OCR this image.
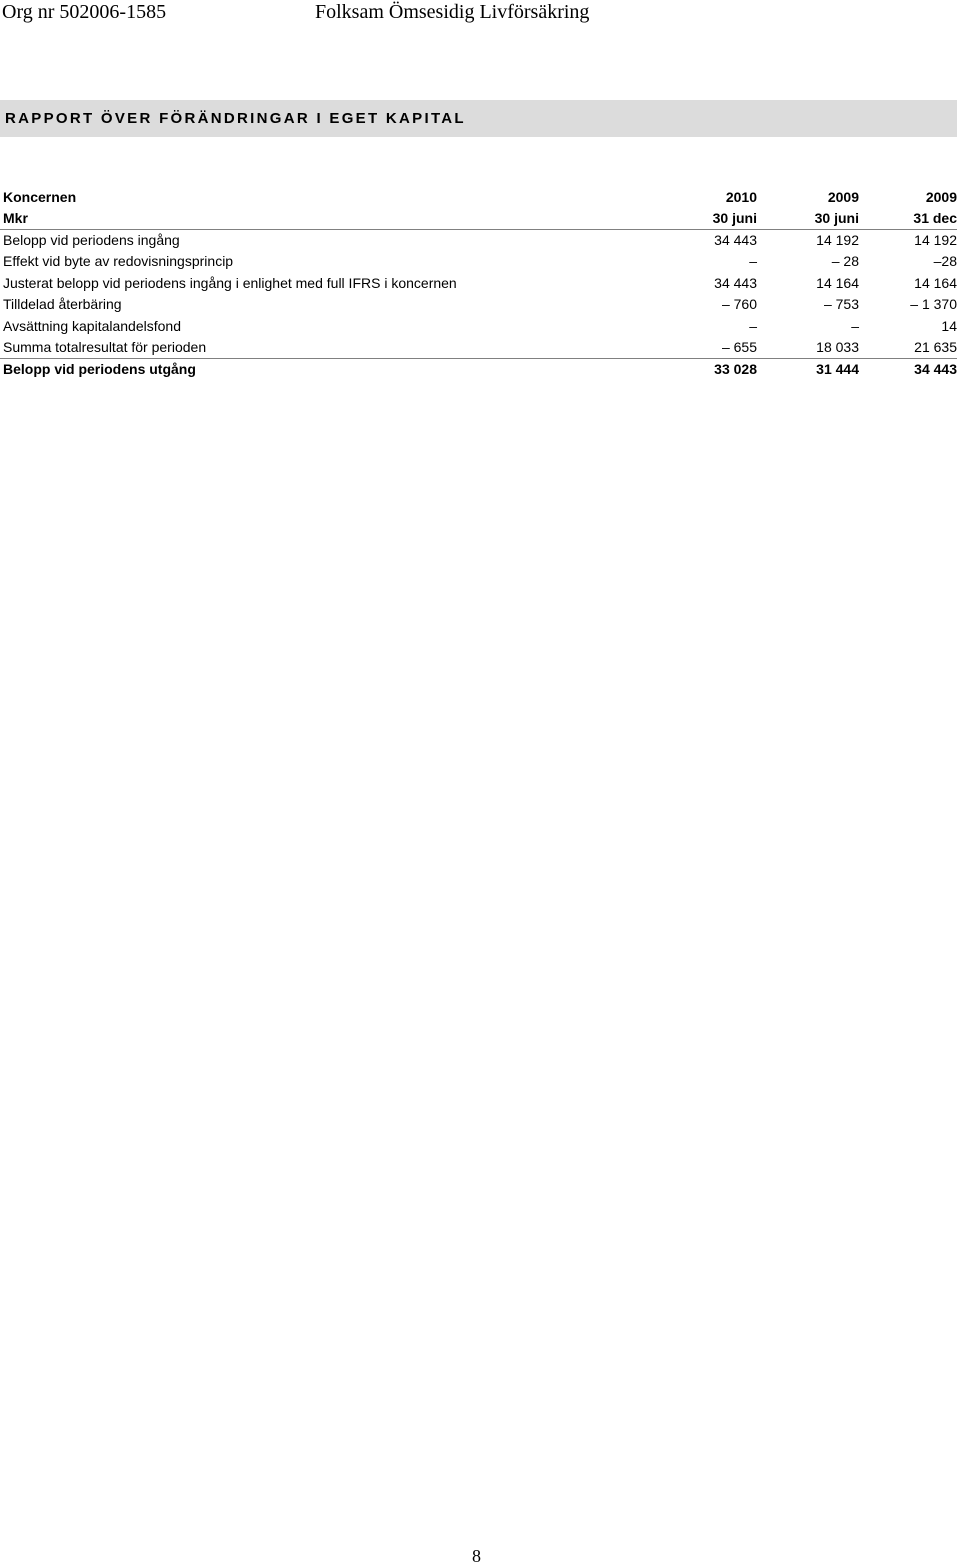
Org nr 502006-1585	Folksam Ömsesidig Livförsäkring
RAPPORT ÖVER FÖRÄNDRINGAR I EGET KAPITAL
Koncernen	2010	2009	2009
Mkr	30 juni	30 juni	31 dec
Belopp vid periodens ingång	34 443	14 192	14 192
Effekt vid byte av redovisningsprincip	–	– 28	–28
Justerat belopp vid periodens ingång i enlighet med full IFRS i koncernen	34 443	14 164	14 164
Tilldelad återbäring	– 760	– 753	– 1 370
Avsättning kapitalandelsfond	–	–	14
Summa totalresultat för perioden	– 655	18 033	21 635
Belopp vid periodens utgång	33 028	31 444	34 443
8
